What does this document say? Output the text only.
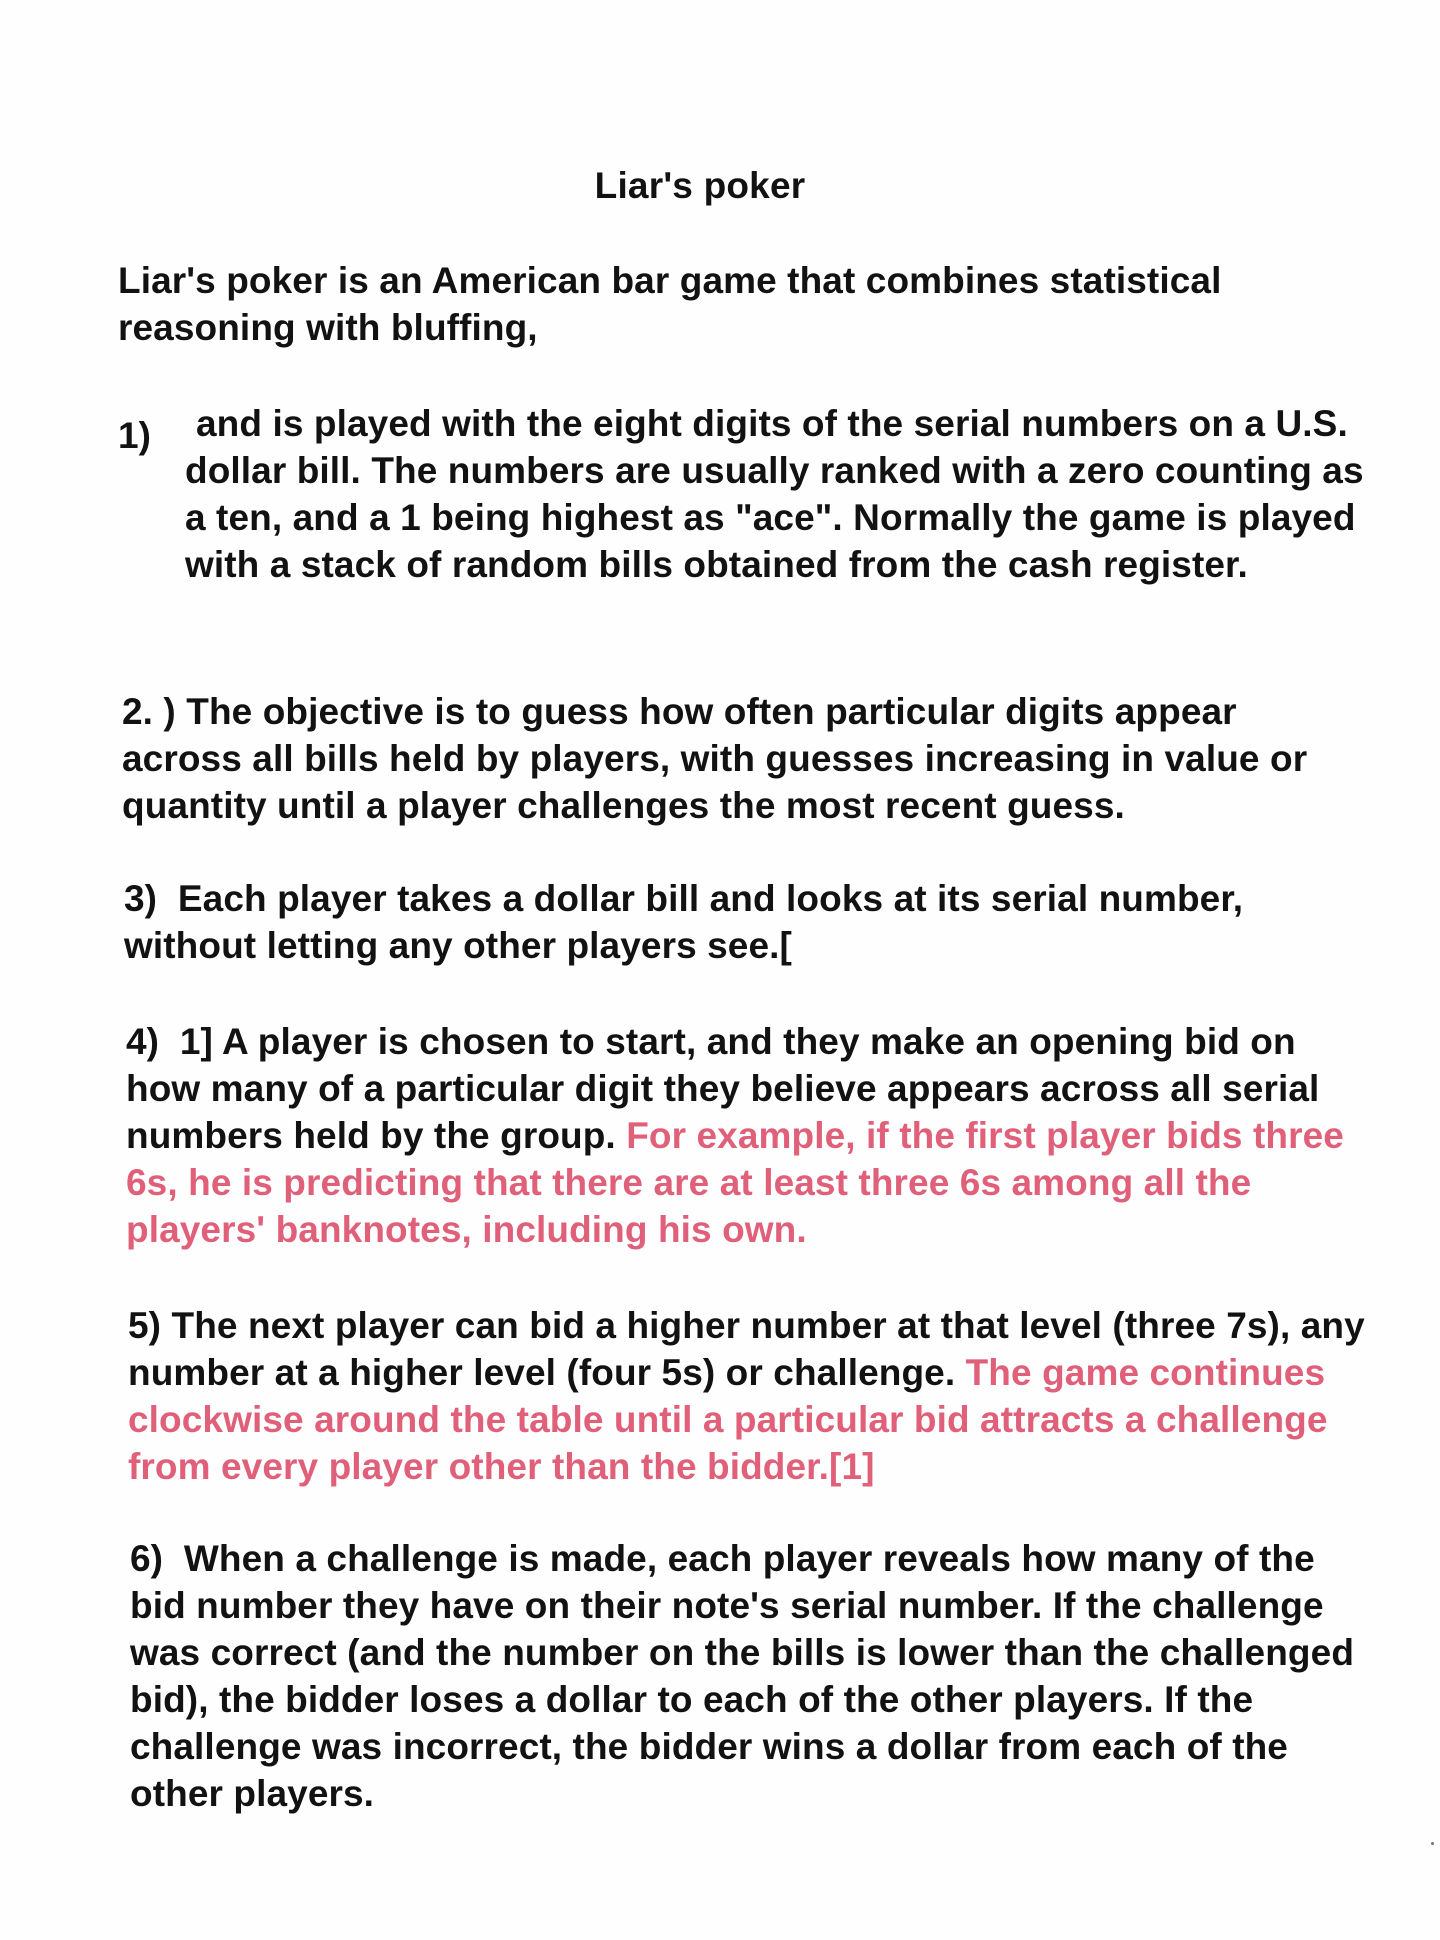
Liar's poker
Liar's poker is an American bar game that combines statistical reasoning with bluffing,
1) and is played with the eight digits of the serial numbers on a U.S. dollar bill. The numbers are usually ranked with a zero counting as a ten, and a 1 being highest as "ace". Normally the game is played with a stack of random bills obtained from the cash register.
2. ) The objective is to guess how often particular digits appear across all bills held by players, with guesses increasing in value or quantity until a player challenges the most recent guess.
3) Each player takes a dollar bill and looks at its serial number, without letting any other players see.[
4) 1] A player is chosen to start, and they make an opening bid on how many of a particular digit they believe appears across all serial numbers held by the group. For example, if the first player bids three 6s, he is predicting that there are at least three 6s among all the players' banknotes, including his own.
5) The next player can bid a higher number at that level (three 7s), any number at a higher level (four 5s) or challenge. The game continues clockwise around the table until a particular bid attracts a challenge from every player other than the bidder.[1]
6) When a challenge is made, each player reveals how many of the bid number they have on their note's serial number. If the challenge was correct (and the number on the bills is lower than the challenged bid), the bidder loses a dollar to each of the other players. If the challenge was incorrect, the bidder wins a dollar from each of the other players.
